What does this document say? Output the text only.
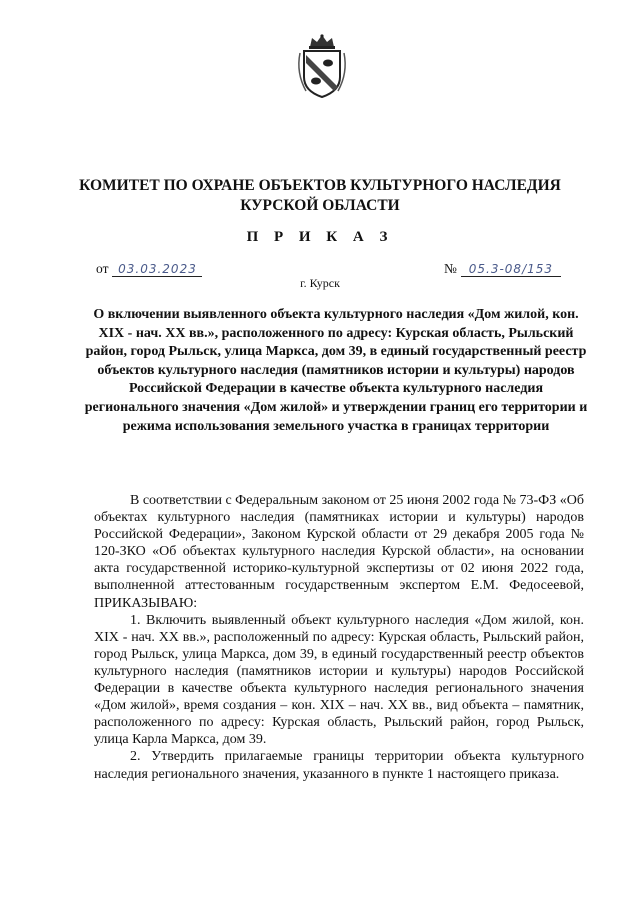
КОМИТЕТ ПО ОХРАНЕ ОБЪЕКТОВ КУЛЬТУРНОГО НАСЛЕДИЯ
КУРСКОЙ ОБЛАСТИ
П Р И К А З
от 03.03.2023	№ 05.3-08/153
г. Курск
О включении выявленного объекта культурного наследия «Дом жилой, кон. XIX - нач. XX вв.», расположенного по адресу: Курская область, Рыльский район, город Рыльск, улица Маркса, дом 39, в единый государственный реестр объектов культурного наследия (памятников истории и культуры) народов Российской Федерации в качестве объекта культурного наследия регионального значения «Дом жилой» и утверждении границ его территории и режима использования земельного участка в границах территории

В соответствии с Федеральным законом от 25 июня 2002 года № 73-ФЗ «Об объектах культурного наследия (памятниках истории и культуры) народов Российской Федерации», Законом Курской области от 29 декабря 2005 года № 120-ЗКО «Об объектах культурного наследия Курской области», на основании акта государственной историко-культурной экспертизы от 02 июня 2022 года, выполненной аттестованным государственным экспертом Е.М. Федосеевой, ПРИКАЗЫВАЮ:

1. Включить выявленный объект культурного наследия «Дом жилой, кон. XIX - нач. XX вв.», расположенный по адресу: Курская область, Рыльский район, город Рыльск, улица Маркса, дом 39, в единый государственный реестр объектов культурного наследия (памятников истории и культуры) народов Российской Федерации в качестве объекта культурного наследия регионального значения «Дом жилой», время создания – кон. XIX – нач. XX вв., вид объекта – памятник, расположенного по адресу: Курская область, Рыльский район, город Рыльск, улица Карла Маркса, дом 39.

2. Утвердить прилагаемые границы территории объекта культурного наследия регионального значения, указанного в пункте 1 настоящего приказа.
